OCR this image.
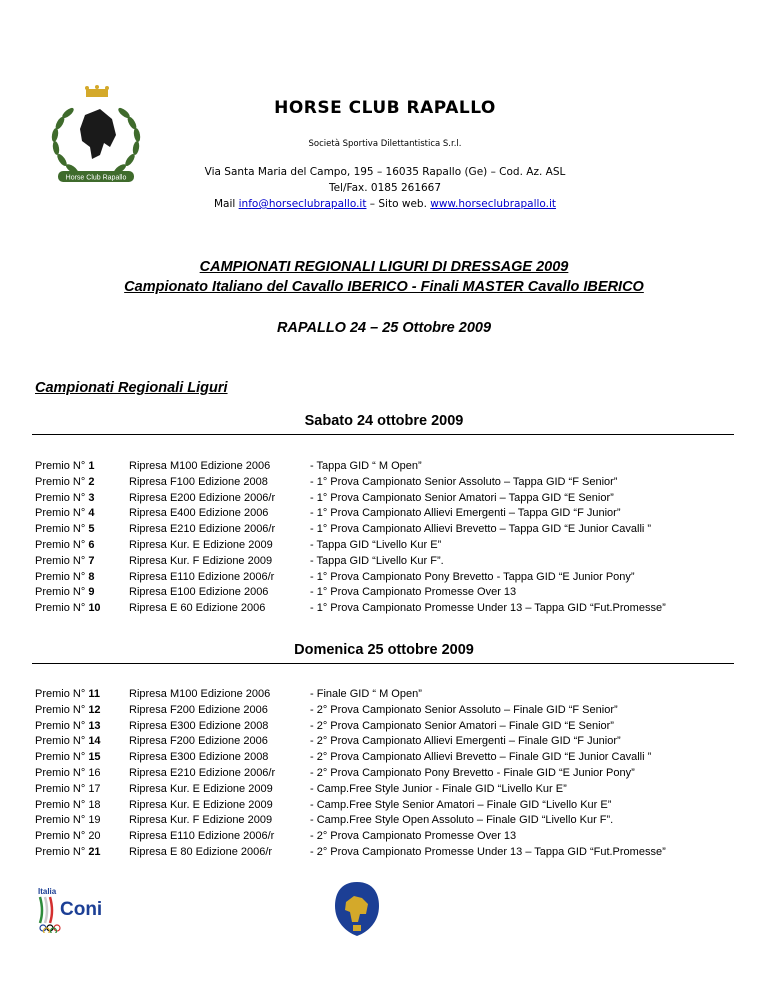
Horse Club Rapallo
HORSE CLUB RAPALLO
Società Sportiva Dilettantistica S.r.l.
Via Santa Maria del Campo, 195 – 16035 Rapallo (Ge) – Cod. Az. ASL
Tel/Fax. 0185 261667
Mail info@horseclubrapallo.it – Sito web. www.horseclubrapallo.it
CAMPIONATI REGIONALI LIGURI DI DRESSAGE 2009
Campionato Italiano del Cavallo IBERICO - Finali MASTER Cavallo IBERICO
RAPALLO 24 – 25 Ottobre 2009
Campionati Regionali Liguri
Sabato 24 ottobre 2009
Premio N° 1	Ripresa M100 Edizione 2006	- Tappa GID “ M Open”
Premio N° 2	Ripresa F100 Edizione 2008	- 1° Prova Campionato Senior Assoluto – Tappa GID “F Senior”
Premio N° 3	Ripresa E200 Edizione 2006/r	- 1° Prova Campionato Senior Amatori – Tappa GID “E Senior”
Premio N° 4	Ripresa E400 Edizione 2006	- 1° Prova Campionato Allievi Emergenti – Tappa GID “F Junior”
Premio N° 5	Ripresa E210 Edizione 2006/r	- 1° Prova Campionato Allievi Brevetto – Tappa GID “E Junior Cavalli ”
Premio N° 6	Ripresa Kur. E Edizione 2009	- Tappa GID “Livello Kur E”
Premio N° 7	Ripresa Kur. F Edizione 2009	- Tappa GID “Livello Kur F”.
Premio N° 8	Ripresa E110 Edizione 2006/r	- 1° Prova Campionato Pony Brevetto - Tappa GID “E Junior Pony”
Premio N° 9	Ripresa E100 Edizione 2006	- 1° Prova Campionato Promesse Over 13
Premio N° 10	Ripresa E 60 Edizione 2006	- 1° Prova Campionato Promesse Under 13 – Tappa GID “Fut.Promesse”
Domenica 25 ottobre 2009
Premio N° 11	Ripresa M100 Edizione 2006	- Finale GID “ M Open”
Premio N° 12	Ripresa F200 Edizione 2006	- 2° Prova Campionato Senior Assoluto – Finale GID “F Senior”
Premio N° 13	Ripresa E300 Edizione 2008	- 2° Prova Campionato Senior Amatori – Finale GID “E Senior”
Premio N° 14	Ripresa F200 Edizione 2006	- 2° Prova Campionato Allievi Emergenti – Finale GID “F Junior”
Premio N° 15	Ripresa E300 Edizione 2008	- 2° Prova Campionato Allievi Brevetto – Finale GID “E Junior Cavalli ”
Premio N° 16	Ripresa E210 Edizione 2006/r	- 2° Prova Campionato Pony Brevetto - Finale GID “E Junior Pony”
Premio N° 17	Ripresa Kur. E Edizione 2009	- Camp.Free Style Junior - Finale GID “Livello Kur E”
Premio N° 18	Ripresa Kur. E Edizione 2009	- Camp.Free Style Senior Amatori – Finale GID “Livello Kur E”
Premio N° 19	Ripresa Kur. F Edizione 2009	- Camp.Free Style Open Assoluto – Finale GID “Livello Kur F”.
Premio N° 20	Ripresa E110 Edizione 2006/r	- 2° Prova Campionato Promesse Over 13
Premio N° 21	Ripresa E 80 Edizione 2006/r	- 2° Prova Campionato Promesse Under 13 – Tappa GID “Fut.Promesse”
Italia
Coni
